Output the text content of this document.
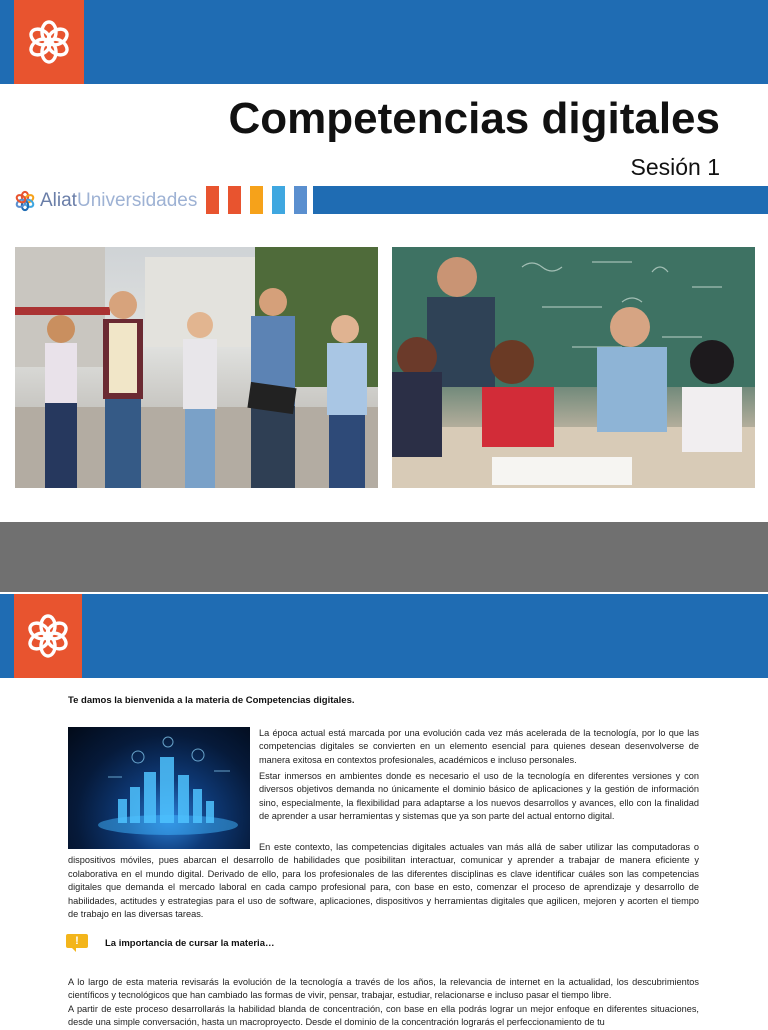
Competencias digitales
Sesión 1
AliatUniversidades
Te damos la bienvenida a la materia de Competencias digitales.

La época actual está marcada por una evolución cada vez más acelerada de la tecnología, por lo que las competencias digitales se convierten en un elemento esencial para quienes desean desenvolverse de manera exitosa en contextos profesionales, académicos e incluso personales.

Estar inmersos en ambientes donde es necesario el uso de la tecnología en diferentes versiones y con diversos objetivos demanda no únicamente el dominio básico de aplicaciones y la gestión de información sino, especialmente, la flexibilidad para adaptarse a los nuevos desarrollos y avances, ello con la finalidad de aprender a usar herramientas y sistemas que ya son parte del actual entorno digital.

En este contexto, las competencias digitales actuales van más allá de saber utilizar las computadoras o dispositivos móviles, pues abarcan el desarrollo de habilidades que posibilitan interactuar, comunicar y aprender a trabajar de manera eficiente y colaborativa en el mundo digital. Derivado de ello, para los profesionales de las diferentes disciplinas es clave identificar cuáles son las competencias digitales que demanda el mercado laboral en cada campo profesional para, con base en esto, comenzar el proceso de aprendizaje y desarrollo de habilidades, actitudes y estrategias para el uso de software, aplicaciones, dispositivos y herramientas digitales que agilicen, mejoren y acorten el tiempo de trabajo en las diversas tareas.

!	La importancia de cursar la materia…

A lo largo de esta materia revisarás la evolución de la tecnología a través de los años, la relevancia de internet en la actualidad, los descubrimientos científicos y tecnológicos que han cambiado las formas de vivir, pensar, trabajar, estudiar, relacionarse e incluso pasar el tiempo libre.

A partir de este proceso desarrollarás la habilidad blanda de concentración, con base en ella podrás lograr un mejor enfoque en diferentes situaciones, desde una simple conversación, hasta un macroproyecto. Desde el dominio de la concentración lograrás el perfeccionamiento de tu
